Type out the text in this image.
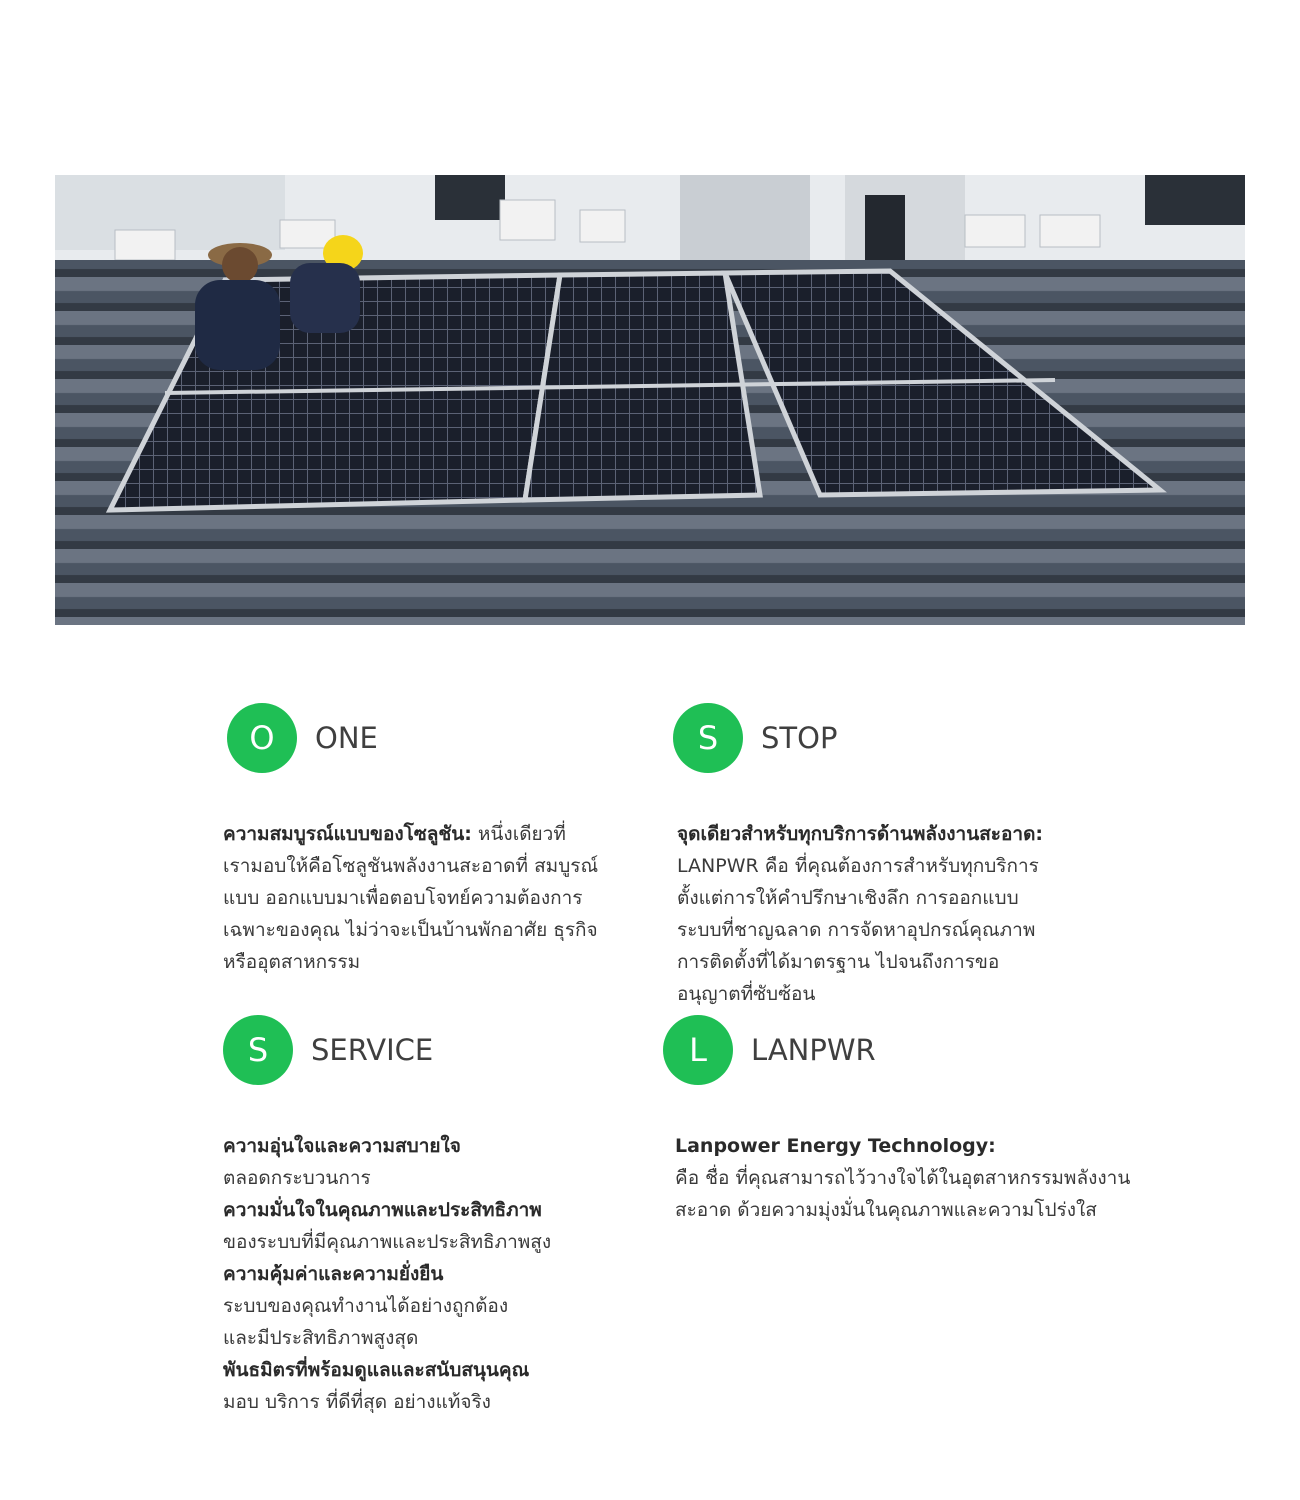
O	ONE
ความสมบูรณ์แบบของโซลูชัน: หนึ่งเดียวที่
เรามอบให้คือโซลูชันพลังงานสะอาดที่ สมบูรณ์
แบบ ออกแบบมาเพื่อตอบโจทย์ความต้องการ
เฉพาะของคุณ ไม่ว่าจะเป็นบ้านพักอาศัย ธุรกิจ
หรืออุตสาหกรรม
S	STOP
จุดเดียวสำหรับทุกบริการด้านพลังงานสะอาด:
LANPWR คือ ที่คุณต้องการสำหรับทุกบริการ
ตั้งแต่การให้คำปรึกษาเชิงลึก การออกแบบ
ระบบที่ชาญฉลาด การจัดหาอุปกรณ์คุณภาพ
การติดตั้งที่ได้มาตรฐาน ไปจนถึงการขอ
อนุญาตที่ซับซ้อน
S	SERVICE
ความอุ่นใจและความสบายใจ
ตลอดกระบวนการ
ความมั่นใจในคุณภาพและประสิทธิภาพ
ของระบบที่มีคุณภาพและประสิทธิภาพสูง
ความคุ้มค่าและความยั่งยืน
ระบบของคุณทำงานได้อย่างถูกต้อง
และมีประสิทธิภาพสูงสุด
พันธมิตรที่พร้อมดูแลและสนับสนุนคุณ
มอบ บริการ ที่ดีที่สุด อย่างแท้จริง
L	LANPWR
Lanpower Energy Technology:
คือ ชื่อ ที่คุณสามารถไว้วางใจได้ในอุตสาหกรรมพลังงาน
สะอาด ด้วยความมุ่งมั่นในคุณภาพและความโปร่งใส
